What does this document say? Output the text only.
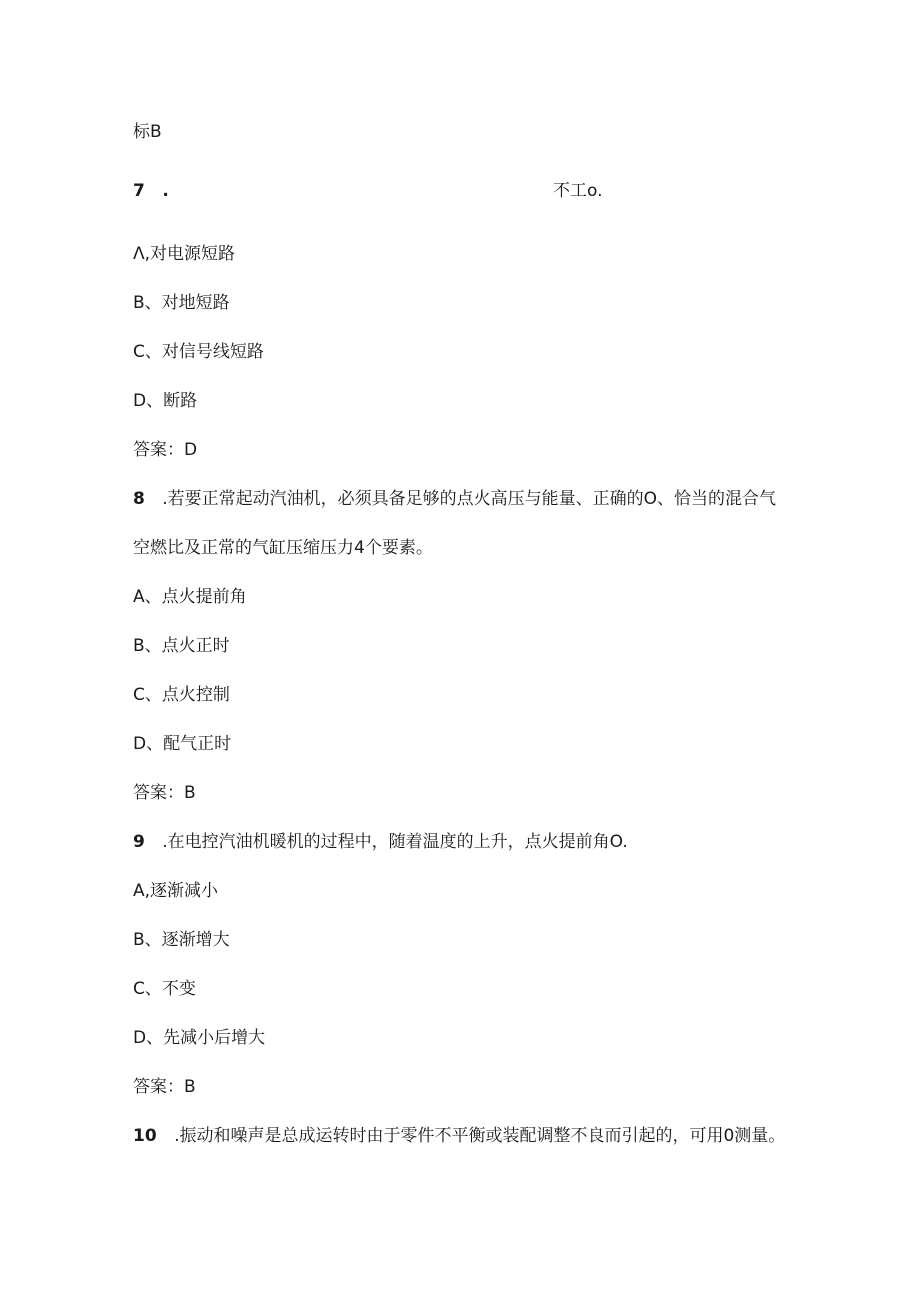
标B
7 .	不工o.
Λ,对电源短路
B、对地短路
C、对信号线短路
D、断路
答案：D
8 .若要正常起动汽油机，必须具备足够的点火高压与能量、正确的O、恰当的混合气
空燃比及正常的气缸压缩压力4个要素。
A、点火提前角
B、点火正时
C、点火控制
D、配气正时
答案：B
9 .在电控汽油机暖机的过程中，随着温度的上升，点火提前角O.
A,逐渐减小
B、逐渐增大
C、不变
D、先减小后增大
答案：B
10 .振动和噪声是总成运转时由于零件不平衡或装配调整不良而引起的，可用0测量。
